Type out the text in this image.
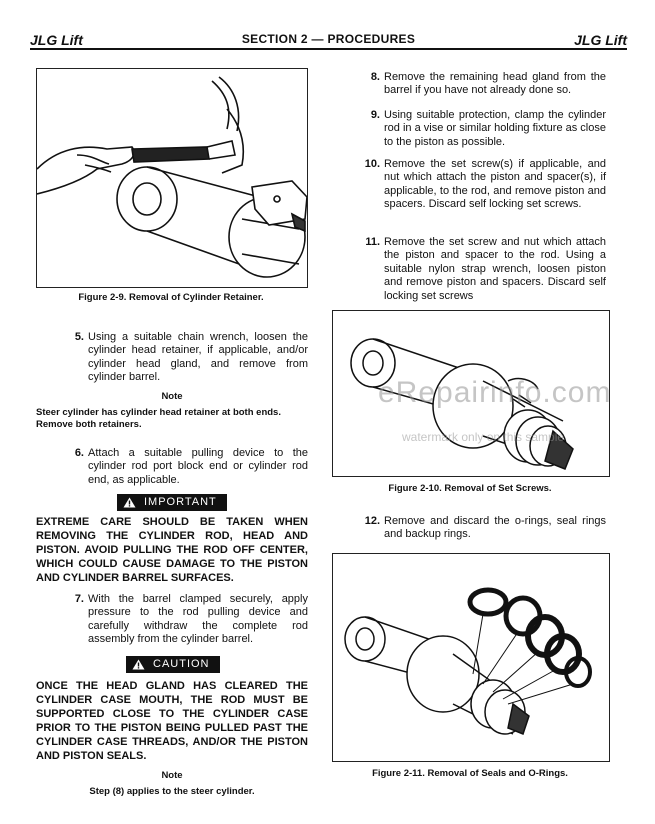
JLG Lift	SECTION 2 — PROCEDURES	JLG Lift
Figure 2-9. Removal of Cylinder Retainer.
5. Using a suitable chain wrench, loosen the cylinder head retainer, if applicable, and/or cylinder head gland, and remove from cylinder barrel.
Note
Steer cylinder has cylinder head retainer at both ends. Remove both retainers.
6. Attach a suitable pulling device to the cylinder rod port block end or cylinder rod end, as applicable.
IMPORTANT
EXTREME CARE SHOULD BE TAKEN WHEN REMOVING THE CYLINDER ROD, HEAD AND PISTON. AVOID PULLING THE ROD OFF CENTER, WHICH COULD CAUSE DAMAGE TO THE PISTON AND CYLINDER BARREL SURFACES.
7. With the barrel clamped securely, apply pressure to the rod pulling device and carefully withdraw the complete rod assembly from the cylinder barrel.
CAUTION
ONCE THE HEAD GLAND HAS CLEARED THE CYLINDER CASE MOUTH, THE ROD MUST BE SUPPORTED CLOSE TO THE CYLINDER CASE PRIOR TO THE PISTON BEING PULLED PAST THE CYLINDER CASE THREADS, AND/OR THE PISTON AND PISTON SEALS.
Note
Step (8) applies to the steer cylinder.
8. Remove the remaining head gland from the barrel if you have not already done so.
9. Using suitable protection, clamp the cylinder rod in a vise or similar holding fixture as close to the piston as possible.
10. Remove the set screw(s) if applicable, and nut which attach the piston and spacer(s), if applicable, to the rod, and remove piston and spacers. Discard self locking set screws.
11. Remove the set screw and nut which attach the piston and spacer to the rod. Using a suitable nylon strap wrench, loosen piston and remove piston and spacers. Discard self locking set screws
Figure 2-10. Removal of Set Screws.
12. Remove and discard the o-rings, seal rings and backup rings.
Figure 2-11. Removal of Seals and O-Rings.
eRepairinfo.com
watermark only on this sample
